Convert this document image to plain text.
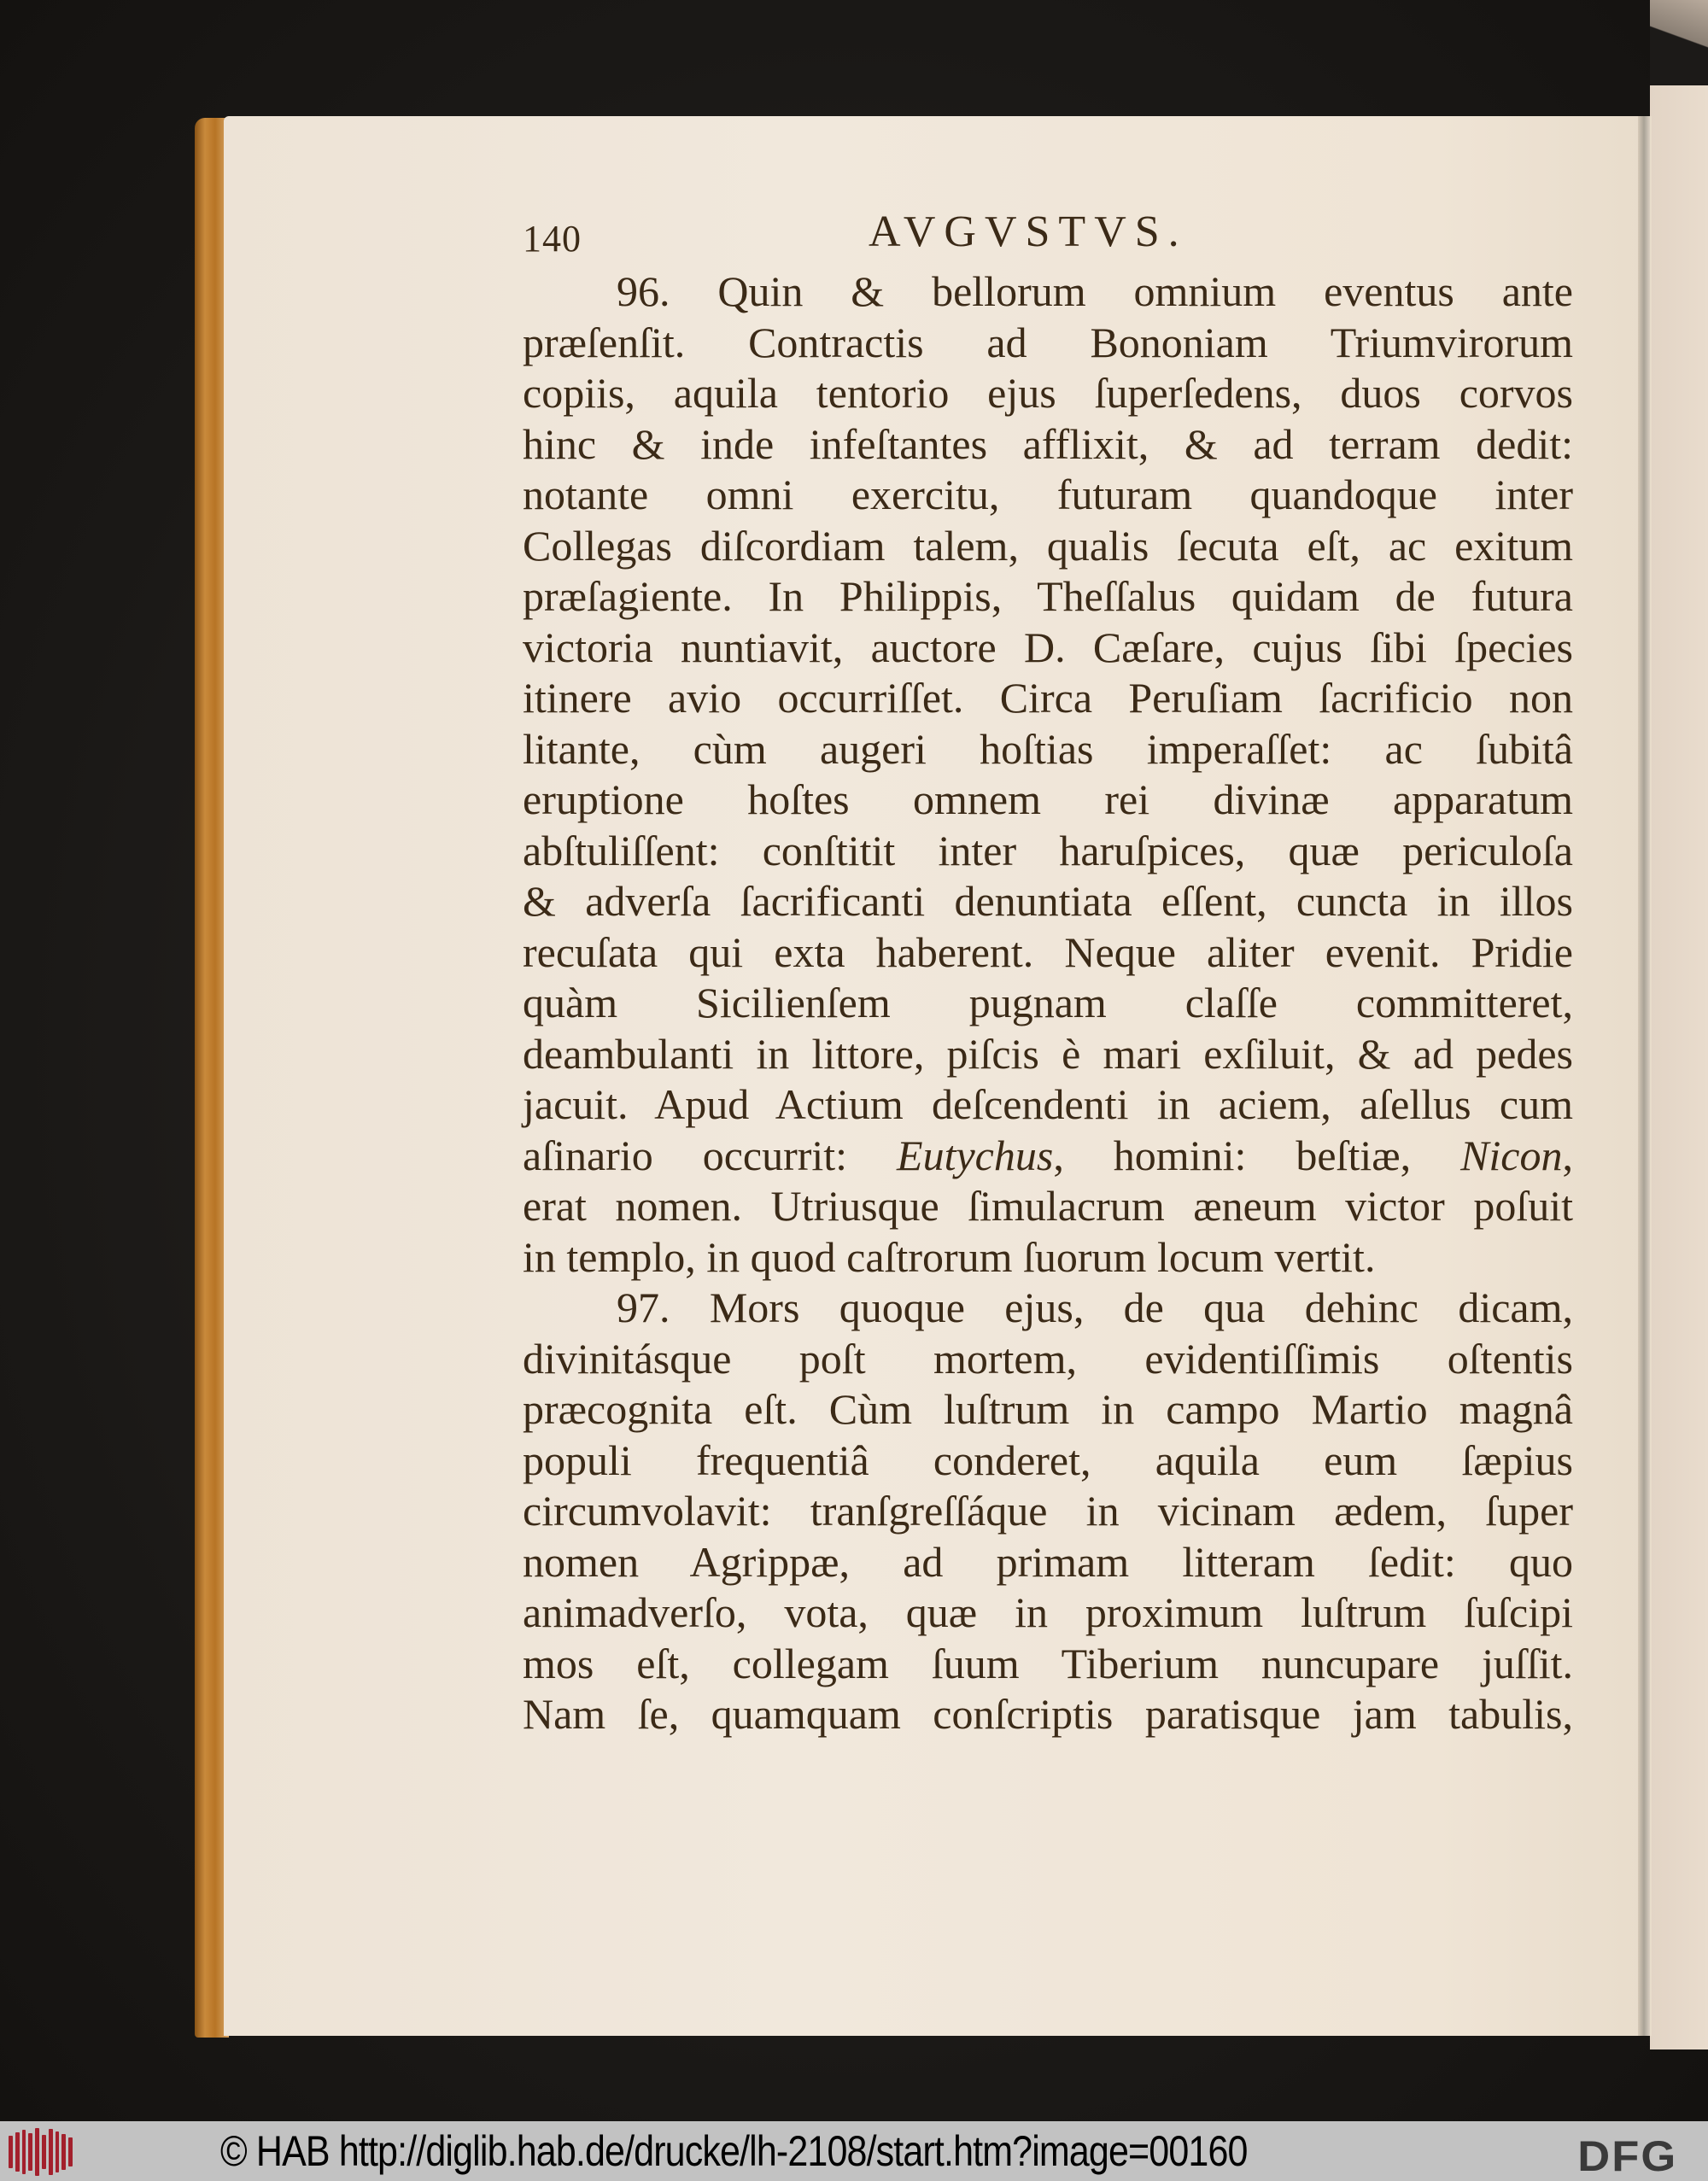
140	AVGVSTVS.
96. Quin & bellorum omnium eventus ante
præſenſit. Contractis ad Bononiam Triumvirorum
copiis, aquila tentorio ejus ſuperſedens, duos corvos
hinc & inde infeſtantes afflixit, & ad terram dedit:
notante omni exercitu, futuram quandoque inter
Collegas diſcordiam talem, qualis ſecuta eſt, ac exitum
præſagiente. In Philippis, Theſſalus quidam de futura
victoria nuntiavit, auctore D. Cæſare, cujus ſibi ſpecies
itinere avio occurriſſet. Circa Peruſiam ſacrificio non
litante, cùm augeri hoſtias imperaſſet: ac ſubitâ
eruptione hoſtes omnem rei divinæ apparatum
abſtuliſſent: conſtitit inter haruſpices, quæ periculoſa
& adverſa ſacrificanti denuntiata eſſent, cuncta in illos
recuſata qui exta haberent. Neque aliter evenit. Pridie
quàm Sicilienſem pugnam claſſe committeret,
deambulanti in littore, piſcis è mari exſiluit, & ad pedes
jacuit. Apud Actium deſcendenti in aciem, aſellus cum
aſinario occurrit: Eutychus, homini: beſtiæ, Nicon,
erat nomen. Utriusque ſimulacrum æneum victor poſuit
in templo, in quod caſtrorum ſuorum locum vertit.
97. Mors quoque ejus, de qua dehinc dicam,
divinitásque poſt mortem, evidentiſſimis oſtentis
præcognita eſt. Cùm luſtrum in campo Martio magnâ
populi frequentiâ conderet, aquila eum ſæpius
circumvolavit: tranſgreſſáque in vicinam ædem, ſuper
nomen Agrippæ, ad primam litteram ſedit: quo
animadverſo, vota, quæ in proximum luſtrum ſuſcipi
mos eſt, collegam ſuum Tiberium nuncupare juſſit.
Nam ſe, quamquam conſcriptis paratisque jam tabulis,
© HAB http://diglib.hab.de/drucke/lh-2108/start.htm?image=00160	DFG
